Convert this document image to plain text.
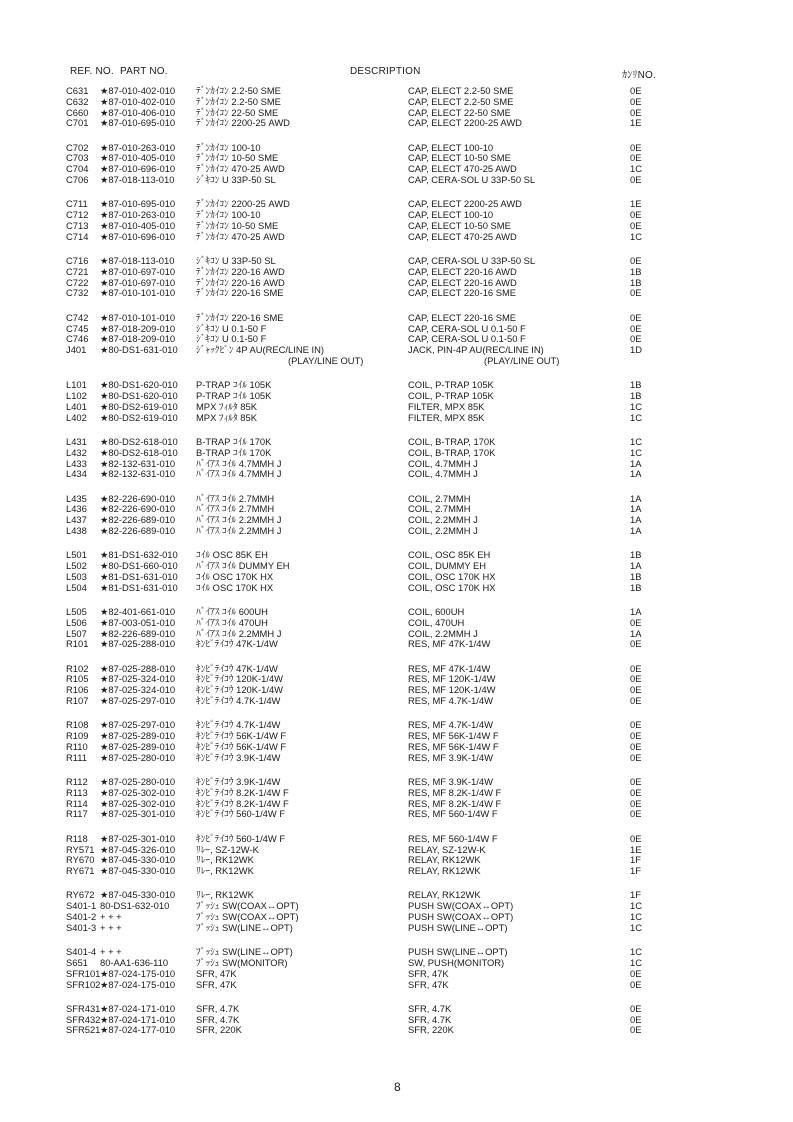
REF. NO. PART NO.	DESCRIPTION	ｶﾝﾘNO.
C631 ★87-010-402-010 ﾃﾞﾝｶｲｺﾝ 2.2-50 SME	CAP, ELECT 2.2-50 SME	0E
C632 ★87-010-402-010 ﾃﾞﾝｶｲｺﾝ 2.2-50 SME	CAP, ELECT 2.2-50 SME	0E
C660 ★87-010-406-010 ﾃﾞﾝｶｲｺﾝ 22-50 SME	CAP, ELECT 22-50 SME	0E
C701 ★87-010-695-010 ﾃﾞﾝｶｲｺﾝ 2200-25 AWD	CAP, ELECT 2200-25 AWD	1E
C702 ★87-010-263-010 ﾃﾞﾝｶｲｺﾝ 100-10	CAP, ELECT 100-10	0E
C703 ★87-010-405-010 ﾃﾞﾝｶｲｺﾝ 10-50 SME	CAP, ELECT 10-50 SME	0E
C704 ★87-010-696-010 ﾃﾞﾝｶｲｺﾝ 470-25 AWD	CAP, ELECT 470-25 AWD	1C
C706 ★87-018-113-010 ｼﾞｷｺﾝ U 33P-50 SL	CAP, CERA-SOL U 33P-50 SL	0E
C711 ★87-010-695-010 ﾃﾞﾝｶｲｺﾝ 2200-25 AWD	CAP, ELECT 2200-25 AWD	1E
C712 ★87-010-263-010 ﾃﾞﾝｶｲｺﾝ 100-10	CAP, ELECT 100-10	0E
C713 ★87-010-405-010 ﾃﾞﾝｶｲｺﾝ 10-50 SME	CAP, ELECT 10-50 SME	0E
C714 ★87-010-696-010 ﾃﾞﾝｶｲｺﾝ 470-25 AWD	CAP, ELECT 470-25 AWD	1C
C716 ★87-018-113-010 ｼﾞｷｺﾝ U 33P-50 SL	CAP, CERA-SOL U 33P-50 SL	0E
C721 ★87-010-697-010 ﾃﾞﾝｶｲｺﾝ 220-16 AWD	CAP, ELECT 220-16 AWD	1B
C722 ★87-010-697-010 ﾃﾞﾝｶｲｺﾝ 220-16 AWD	CAP, ELECT 220-16 AWD	1B
C732 ★87-010-101-010 ﾃﾞﾝｶｲｺﾝ 220-16 SME	CAP, ELECT 220-16 SME	0E
C742 ★87-010-101-010 ﾃﾞﾝｶｲｺﾝ 220-16 SME	CAP, ELECT 220-16 SME	0E
C745 ★87-018-209-010 ｼﾞｷｺﾝ U 0.1-50 F	CAP, CERA-SOL U 0.1-50 F	0E
C746 ★87-018-209-010 ｼﾞｷｺﾝ U 0.1-50 F	CAP, CERA-SOL U 0.1-50 F	0E
J401 ★80-DS1-631-010 ｼﾞｬｯｸﾋﾟﾝ 4P AU(REC/LINE IN)	JACK, PIN-4P AU(REC/LINE IN)	1D
(PLAY/LINE OUT)	(PLAY/LINE OUT)
L101 ★80-DS1-620-010 P-TRAP ｺｲﾙ 105K	COIL, P-TRAP 105K	1B
L102 ★80-DS1-620-010 P-TRAP ｺｲﾙ 105K	COIL, P-TRAP 105K	1B
L401 ★80-DS2-619-010 MPX ﾌｨﾙﾀ 85K	FILTER, MPX 85K	1C
L402 ★80-DS2-619-010 MPX ﾌｨﾙﾀ 85K	FILTER, MPX 85K	1C
L431 ★80-DS2-618-010 B-TRAP ｺｲﾙ 170K	COIL, B-TRAP, 170K	1C
L432 ★80-DS2-618-010 B-TRAP ｺｲﾙ 170K	COIL, B-TRAP, 170K	1C
L433 ★82-132-631-010 ﾊﾞｲｱｽ ｺｲﾙ 4.7MMH J	COIL, 4.7MMH J	1A
L434 ★82-132-631-010 ﾊﾞｲｱｽ ｺｲﾙ 4.7MMH J	COIL, 4.7MMH J	1A
L435 ★82-226-690-010 ﾊﾞｲｱｽ ｺｲﾙ 2.7MMH	COIL, 2.7MMH	1A
L436 ★82-226-690-010 ﾊﾞｲｱｽ ｺｲﾙ 2.7MMH	COIL, 2.7MMH	1A
L437 ★82-226-689-010 ﾊﾞｲｱｽ ｺｲﾙ 2.2MMH J	COIL, 2.2MMH J	1A
L438 ★82-226-689-010 ﾊﾞｲｱｽ ｺｲﾙ 2.2MMH J	COIL, 2.2MMH J	1A
L501 ★81-DS1-632-010 ｺｲﾙ OSC 85K EH	COIL, OSC 85K EH	1B
L502 ★80-DS1-660-010 ﾊﾞｲｱｽ ｺｲﾙ DUMMY EH	COIL, DUMMY EH	1A
L503 ★81-DS1-631-010 ｺｲﾙ OSC 170K HX	COIL, OSC 170K HX	1B
L504 ★81-DS1-631-010 ｺｲﾙ OSC 170K HX	COIL, OSC 170K HX	1B
L505 ★82-401-661-010 ﾊﾞｲｱｽ ｺｲﾙ 600UH	COIL, 600UH	1A
L506 ★87-003-051-010 ﾊﾞｲｱｽ ｺｲﾙ 470UH	COIL, 470UH	0E
L507 ★82-226-689-010 ﾊﾞｲｱｽ ｺｲﾙ 2.2MMH J	COIL, 2.2MMH J	1A
R101 ★87-025-288-010 ｷﾝﾋﾟﾃｲｺｳ 47K-1/4W	RES, MF 47K-1/4W	0E
R102 ★87-025-288-010 ｷﾝﾋﾟﾃｲｺｳ 47K-1/4W	RES, MF 47K-1/4W	0E
R105 ★87-025-324-010 ｷﾝﾋﾟﾃｲｺｳ 120K-1/4W	RES, MF 120K-1/4W	0E
R106 ★87-025-324-010 ｷﾝﾋﾟﾃｲｺｳ 120K-1/4W	RES, MF 120K-1/4W	0E
R107 ★87-025-297-010 ｷﾝﾋﾟﾃｲｺｳ 4.7K-1/4W	RES, MF 4.7K-1/4W	0E
R108 ★87-025-297-010 ｷﾝﾋﾟﾃｲｺｳ 4.7K-1/4W	RES, MF 4.7K-1/4W	0E
R109 ★87-025-289-010 ｷﾝﾋﾟﾃｲｺｳ 56K-1/4W F	RES, MF 56K-1/4W F	0E
R110 ★87-025-289-010 ｷﾝﾋﾟﾃｲｺｳ 56K-1/4W F	RES, MF 56K-1/4W F	0E
R111 ★87-025-280-010 ｷﾝﾋﾟﾃｲｺｳ 3.9K-1/4W	RES, MF 3.9K-1/4W	0E
R112 ★87-025-280-010 ｷﾝﾋﾟﾃｲｺｳ 3.9K-1/4W	RES, MF 3.9K-1/4W	0E
R113 ★87-025-302-010 ｷﾝﾋﾟﾃｲｺｳ 8.2K-1/4W F	RES, MF 8.2K-1/4W F	0E
R114 ★87-025-302-010 ｷﾝﾋﾟﾃｲｺｳ 8.2K-1/4W F	RES, MF 8.2K-1/4W F	0E
R117 ★87-025-301-010 ｷﾝﾋﾟﾃｲｺｳ 560-1/4W F	RES, MF 560-1/4W F	0E
R118 ★87-025-301-010 ｷﾝﾋﾟﾃｲｺｳ 560-1/4W F	RES, MF 560-1/4W F	0E
RY571 ★87-045-326-010 ﾘﾚｰ, SZ-12W-K	RELAY, SZ-12W-K	1E
RY670 ★87-045-330-010 ﾘﾚｰ, RK12WK	RELAY, RK12WK	1F
RY671 ★87-045-330-010 ﾘﾚｰ, RK12WK	RELAY, RK12WK	1F
RY672 ★87-045-330-010 ﾘﾚｰ, RK12WK	RELAY, RK12WK	1F
S401-1 80-DS1-632-010	ﾌﾟｯｼｭ SW(COAX↔OPT)	PUSH SW(COAX↔OPT)	1C
S401-2 + + +	ﾌﾟｯｼｭ SW(COAX↔OPT)	PUSH SW(COAX↔OPT)	1C
S401-3 + + +	ﾌﾟｯｼｭ SW(LINE↔OPT)	PUSH SW(LINE↔OPT)	1C
S401-4 + + +	ﾌﾟｯｼｭ SW(LINE↔OPT)	PUSH SW(LINE↔OPT)	1C
S651 80-AA1-636-110	ﾌﾟｯｼｭ SW(MONITOR)	SW, PUSH(MONITOR)	1C
SFR101 ★87-024-175-010 SFR, 47K	SFR, 47K	0E
SFR102 ★87-024-175-010 SFR, 47K	SFR, 47K	0E
SFR431 ★87-024-171-010 SFR, 4.7K	SFR, 4.7K	0E
SFR432 ★87-024-171-010 SFR, 4.7K	SFR, 4.7K	0E
SFR521 ★87-024-177-010 SFR, 220K	SFR, 220K	0E
8
